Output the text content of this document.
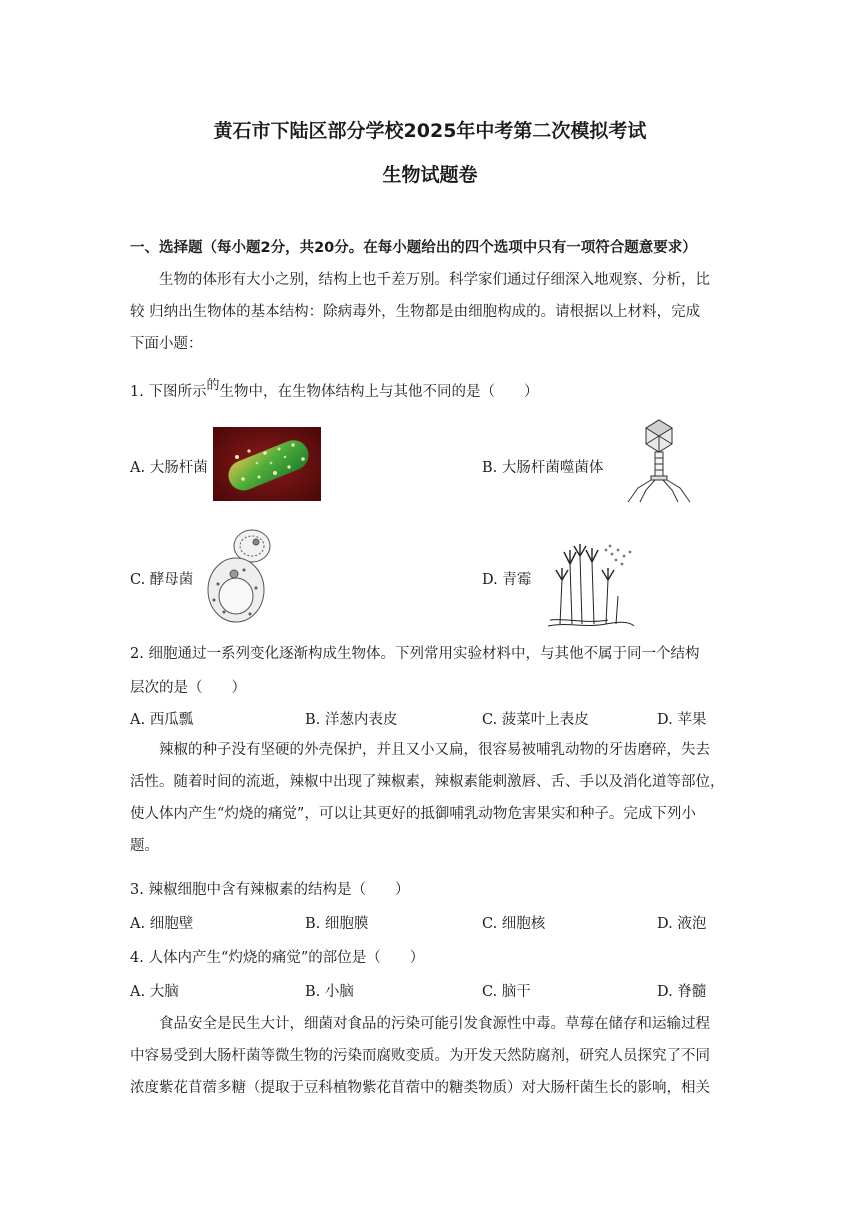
黄石市下陆区部分学校2025年中考第二次模拟考试
生物试题卷
一、选择题（每小题2分，共20分。在每小题给出的四个选项中只有一项符合题意要求）

　　生物的体形有大小之别，结构上也千差万别。科学家们通过仔细深入地观察、分析，比

较 归纳出生物体的基本结构：除病毒外，生物都是由细胞构成的。请根据以上材料，完成

下面小题：

1. 下图所示的生物中，在生物体结构上与其他不同的是（　　）
A. 大肠杆菌	B. 大肠杆菌噬菌体
C. 酵母菌	D. 青霉
2. 细胞通过一系列变化逐渐构成生物体。下列常用实验材料中，与其他不属于同一个结构
层次的是（　　）
A. 西瓜瓢	B. 洋葱内表皮	C. 菠菜叶上表皮	D. 苹果

　　辣椒的种子没有坚硬的外壳保护，并且又小又扁，很容易被哺乳动物的牙齿磨碎，失去

活性。随着时间的流逝，辣椒中出现了辣椒素，辣椒素能刺激唇、舌、手以及消化道等部位，

使人体内产生“灼烧的痛觉”，可以让其更好的抵御哺乳动物危害果实和种子。完成下列小

题。

3. 辣椒细胞中含有辣椒素的结构是（　　）
A. 细胞壁	B. 细胞膜	C. 细胞核	D. 液泡
4. 人体内产生“灼烧的痛觉”的部位是（　　）
A. 大脑	B. 小脑	C. 脑干	D. 脊髓

　　食品安全是民生大计，细菌对食品的污染可能引发食源性中毒。草莓在储存和运输过程

中容易受到大肠杆菌等微生物的污染而腐败变质。为开发天然防腐剂，研究人员探究了不同

浓度紫花苜蓿多糖（提取于豆科植物紫花苜蓿中的糖类物质）对大肠杆菌生长的影响，相关
